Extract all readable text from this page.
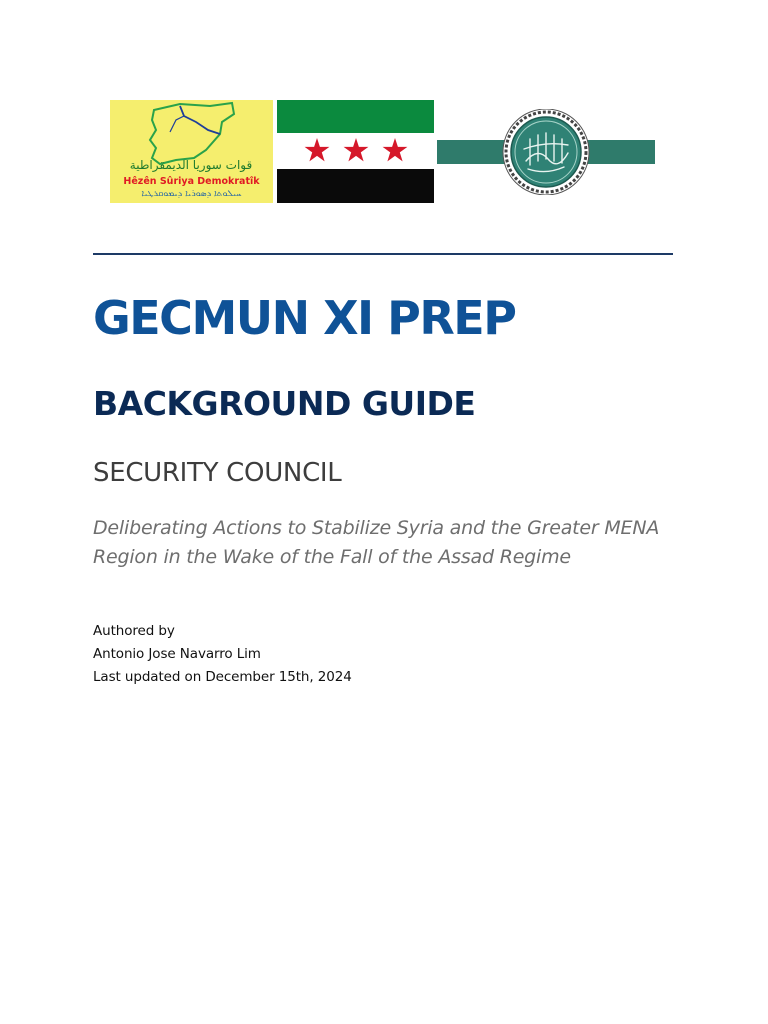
قوات سوريا الديمقراطية
Hêzên Sûriya Demokratîk
ܚܝܠܘܬܐ ܕܣܘܪܝܐ ܕܝܡܘܩܪܛܝܐ
GECMUN XI PREP
BACKGROUND GUIDE
SECURITY COUNCIL

Deliberating Actions to Stabilize Syria and the Greater MENA Region in the Wake of the Fall of the Assad Regime

Authored by
Antonio Jose Navarro Lim
Last updated on December 15th, 2024
